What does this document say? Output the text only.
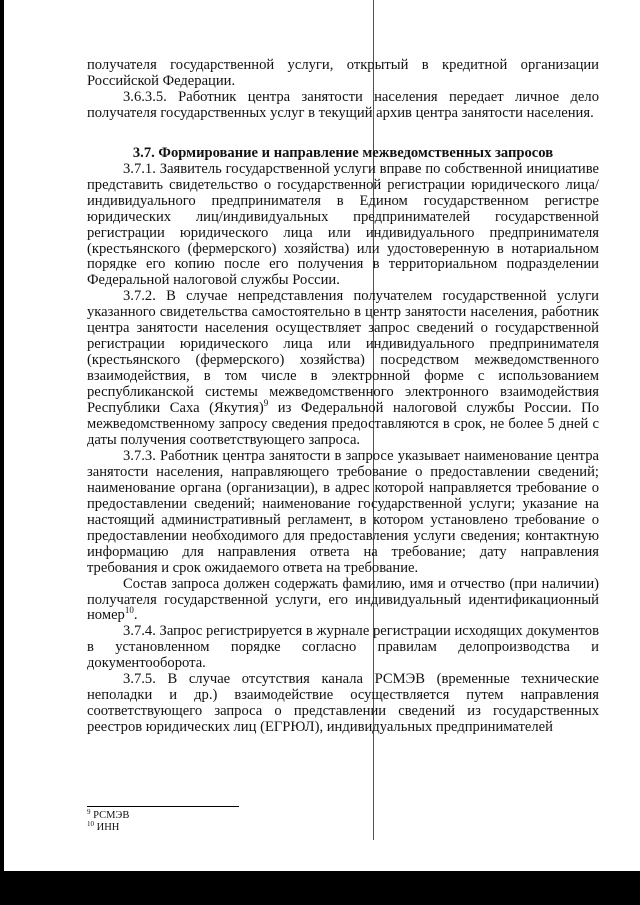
получателя государственной услуги, открытый в кредитной организации Российской Федерации.

3.6.3.5. Работник центра занятости населения передает личное дело получателя государственных услуг в текущий архив центра занятости населения.

3.7. Формирование и направление межведомственных запросов

3.7.1. Заявитель государственной услуги вправе по собственной инициативе представить свидетельство о государственной регистрации юридического лица/индивидуального предпринимателя в Едином государственном регистре юридических лиц/индивидуальных предпринимателей государственной регистрации юридического лица или индивидуального предпринимателя (крестьянского (фермерского) хозяйства) или удостоверенную в нотариальном порядке его копию после его получения в территориальном подразделении Федеральной налоговой службы России.

3.7.2. В случае непредставления получателем государственной услуги указанного свидетельства самостоятельно в центр занятости населения, работник центра занятости населения осуществляет запрос сведений о государственной регистрации юридического лица или индивидуального предпринимателя (крестьянского (фермерского) хозяйства) посредством межведомственного взаимодействия, в том числе в электронной форме с использованием республиканской системы межведомственного электронного взаимодействия Республики Саха (Якутия)$^9$ из Федеральной налоговой службы России. По межведомственному запросу сведения предоставляются в срок, не более 5 дней с даты получения соответствующего запроса.

3.7.3. Работник центра занятости в запросе указывает наименование центра занятости населения, направляющего требование о предоставлении сведений; наименование органа (организации), в адрес которой направляется требование о предоставлении сведений; наименование государственной услуги; указание на настоящий административный регламент, в котором установлено требование о предоставлении необходимого для предоставления услуги сведения; контактную информацию для направления ответа на требование; дату направления требования и срок ожидаемого ответа на требование.

Состав запроса должен содержать фамилию, имя и отчество (при наличии) получателя государственной услуги, его индивидуальный идентификационный номер$^{10}$.

3.7.4. Запрос регистрируется в журнале регистрации исходящих документов в установленном порядке согласно правилам делопроизводства и документооборота.

3.7.5. В случае отсутствия канала РСМЭВ (временные технические неполадки и др.) взаимодействие осуществляется путем направления соответствующего запроса о представлении сведений из государственных реестров юридических лиц (ЕГРЮЛ), индивидуальных предпринимателей

$^9$ РСМЭВ
$^{10}$ ИНН
